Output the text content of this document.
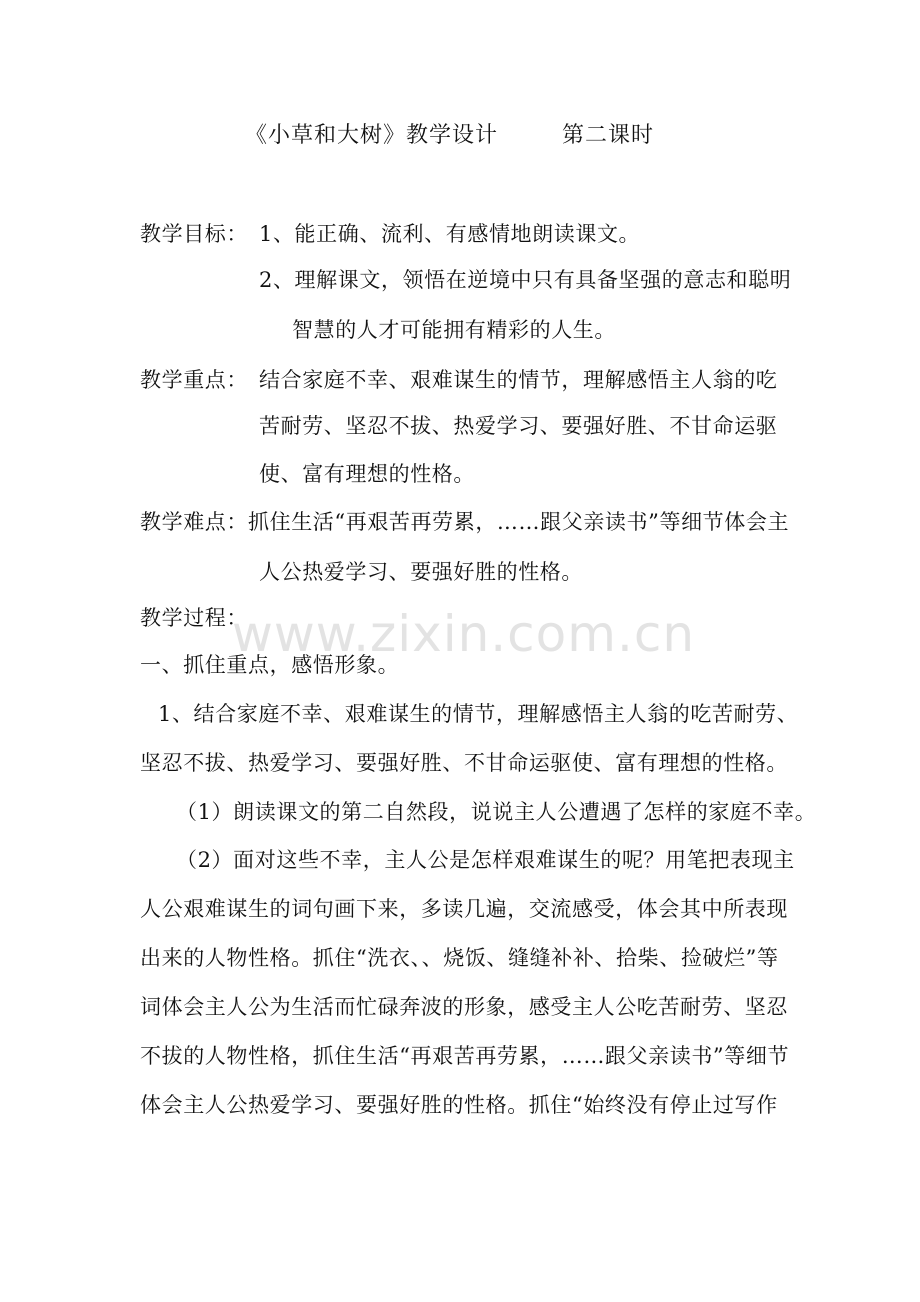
www.zixin.com.cn
《小草和大树》教学设计	第二课时
教学目标： 1、能正确、流利、有感情地朗读课文。
2、理解课文，领悟在逆境中只有具备坚强的意志和聪明
智慧的人才可能拥有精彩的人生。
教学重点： 结合家庭不幸、艰难谋生的情节，理解感悟主人翁的吃
苦耐劳、坚忍不拔、热爱学习、要强好胜、不甘命运驱
使、富有理想的性格。
教学难点： 抓住生活“再艰苦再劳累，……跟父亲读书”等细节体会主
人公热爱学习、要强好胜的性格。
教学过程：
一、抓住重点，感悟形象。
1、结合家庭不幸、艰难谋生的情节，理解感悟主人翁的吃苦耐劳、
坚忍不拔、热爱学习、要强好胜、不甘命运驱使、富有理想的性格。
（1）朗读课文的第二自然段，说说主人公遭遇了怎样的家庭不幸。
（2）面对这些不幸，主人公是怎样艰难谋生的呢？用笔把表现主
人公艰难谋生的词句画下来，多读几遍，交流感受，体会其中所表现
出来的人物性格。抓住“洗衣、、烧饭、缝缝补补、拾柴、捡破烂”等
词体会主人公为生活而忙碌奔波的形象，感受主人公吃苦耐劳、坚忍
不拔的人物性格，抓住生活“再艰苦再劳累，……跟父亲读书”等细节
体会主人公热爱学习、要强好胜的性格。抓住“始终没有停止过写作
